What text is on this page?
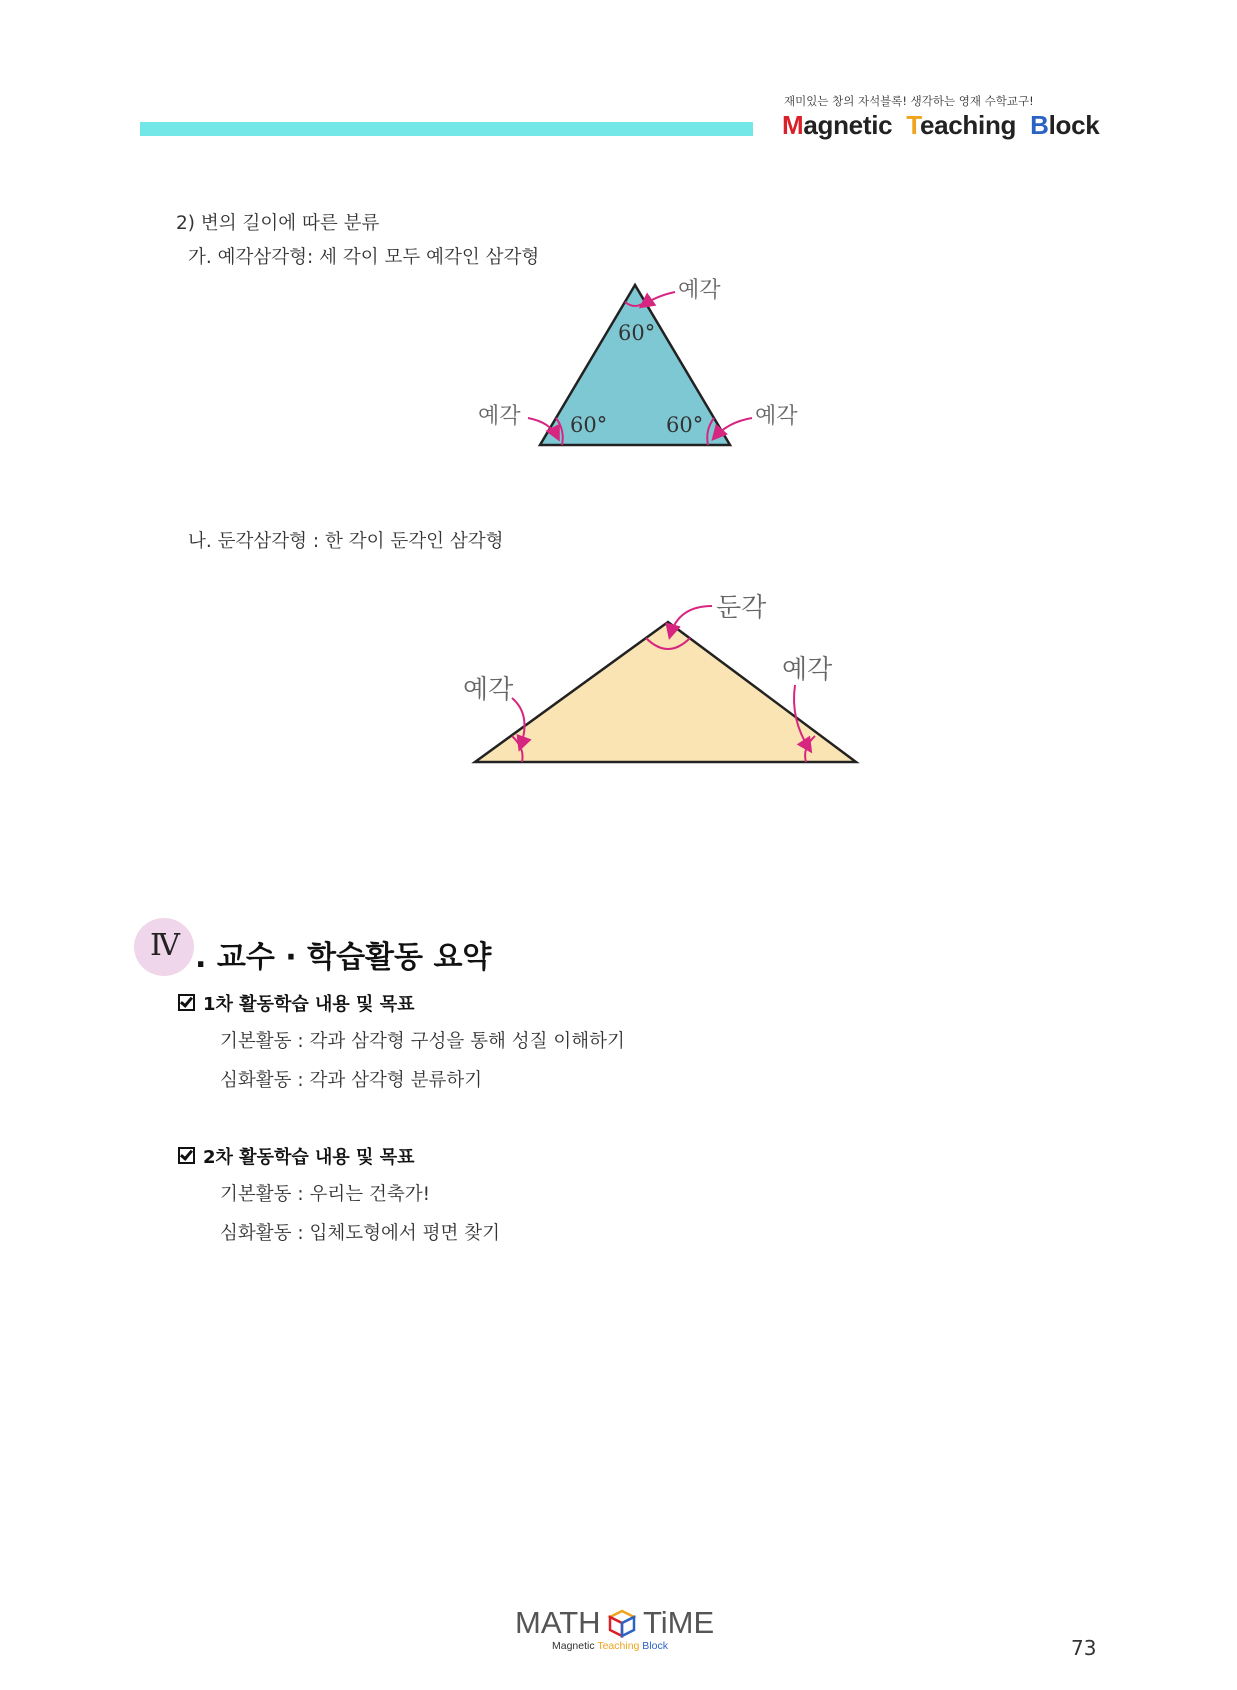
재미있는 창의 자석블록! 생각하는 영재 수학교구!
Magnetic Teaching Block
2) 변의 길이에 따른 분류
가. 예각삼각형: 세 각이 모두 예각인 삼각형
예각
예각	예각
60°
60°	60°
나. 둔각삼각형 : 한 각이 둔각인 삼각형
둔각
예각
예각
Ⅳ . 교수 · 학습활동 요약
1차 활동학습 내용 및 목표
기본활동 : 각과 삼각형 구성을 통해 성질 이해하기
심화활동 : 각과 삼각형 분류하기
2차 활동학습 내용 및 목표
기본활동 : 우리는 건축가!
심화활동 : 입체도형에서 평면 찾기
MATH TiME
Magnetic Teaching Block	73
